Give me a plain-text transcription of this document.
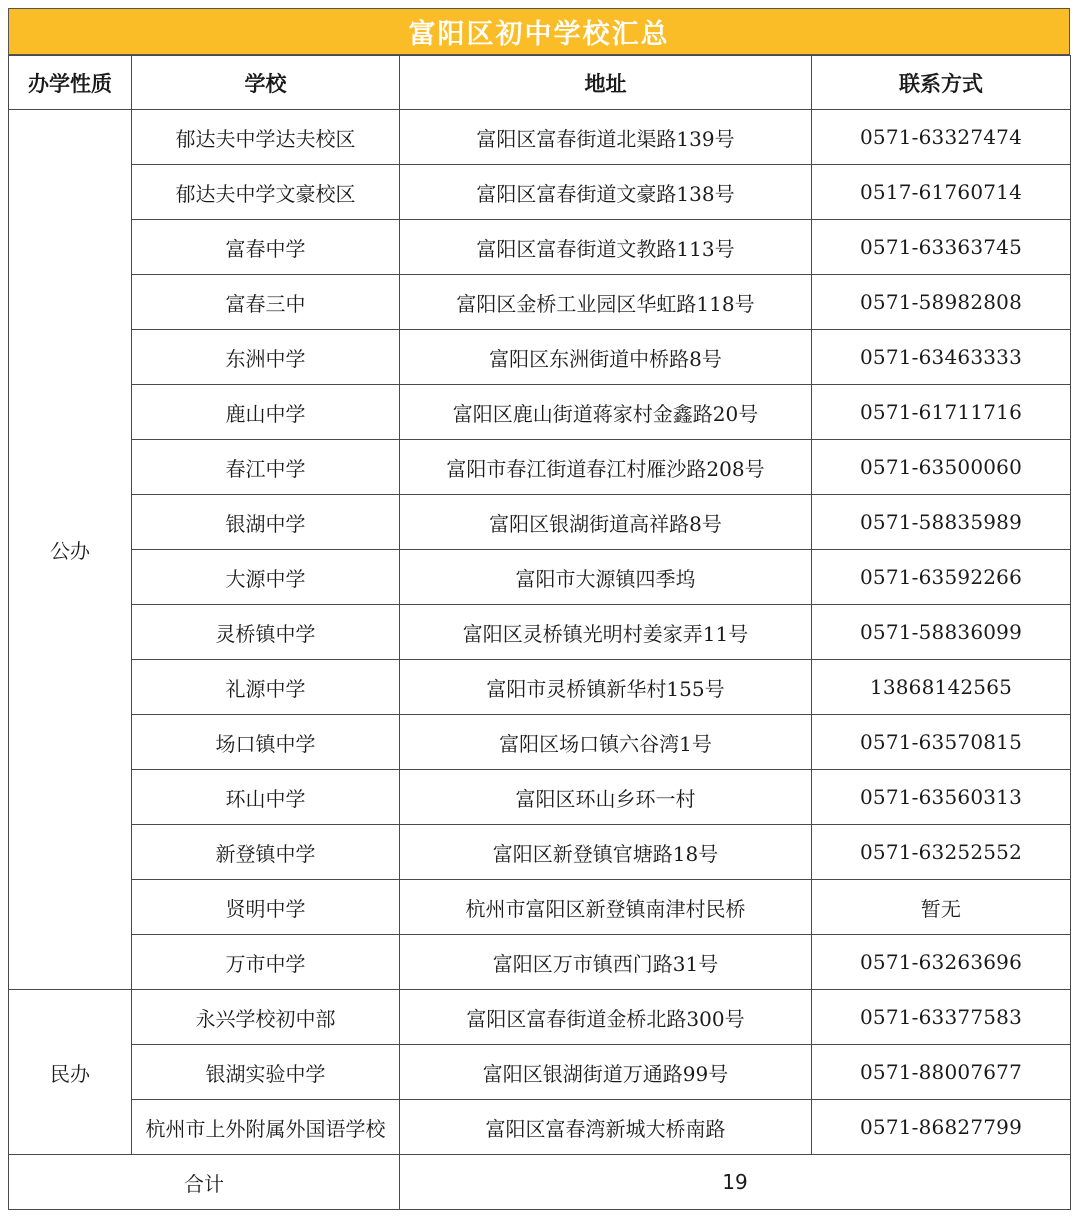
富阳区初中学校汇总
办学性质	学校	地址	联系方式
公办	郁达夫中学达夫校区	富阳区富春街道北渠路139号	0571-63327474
	郁达夫中学文豪校区	富阳区富春街道文豪路138号	0517-61760714
	富春中学	富阳区富春街道文教路113号	0571-63363745
	富春三中	富阳区金桥工业园区华虹路118号	0571-58982808
	东洲中学	富阳区东洲街道中桥路8号	0571-63463333
	鹿山中学	富阳区鹿山街道蒋家村金鑫路20号	0571-61711716
	春江中学	富阳市春江街道春江村雁沙路208号	0571-63500060
	银湖中学	富阳区银湖街道高祥路8号	0571-58835989
	大源中学	富阳市大源镇四季坞	0571-63592266
	灵桥镇中学	富阳区灵桥镇光明村姜家弄11号	0571-58836099
	礼源中学	富阳市灵桥镇新华村155号	13868142565
	场口镇中学	富阳区场口镇六谷湾1号	0571-63570815
	环山中学	富阳区环山乡环一村	0571-63560313
	新登镇中学	富阳区新登镇官塘路18号	0571-63252552
	贤明中学	杭州市富阳区新登镇南津村民桥	暂无
	万市中学	富阳区万市镇西门路31号	0571-63263696
民办	永兴学校初中部	富阳区富春街道金桥北路300号	0571-63377583
	银湖实验中学	富阳区银湖街道万通路99号	0571-88007677
	杭州市上外附属外国语学校	富阳区富春湾新城大桥南路	0571-86827799
合计		19	
